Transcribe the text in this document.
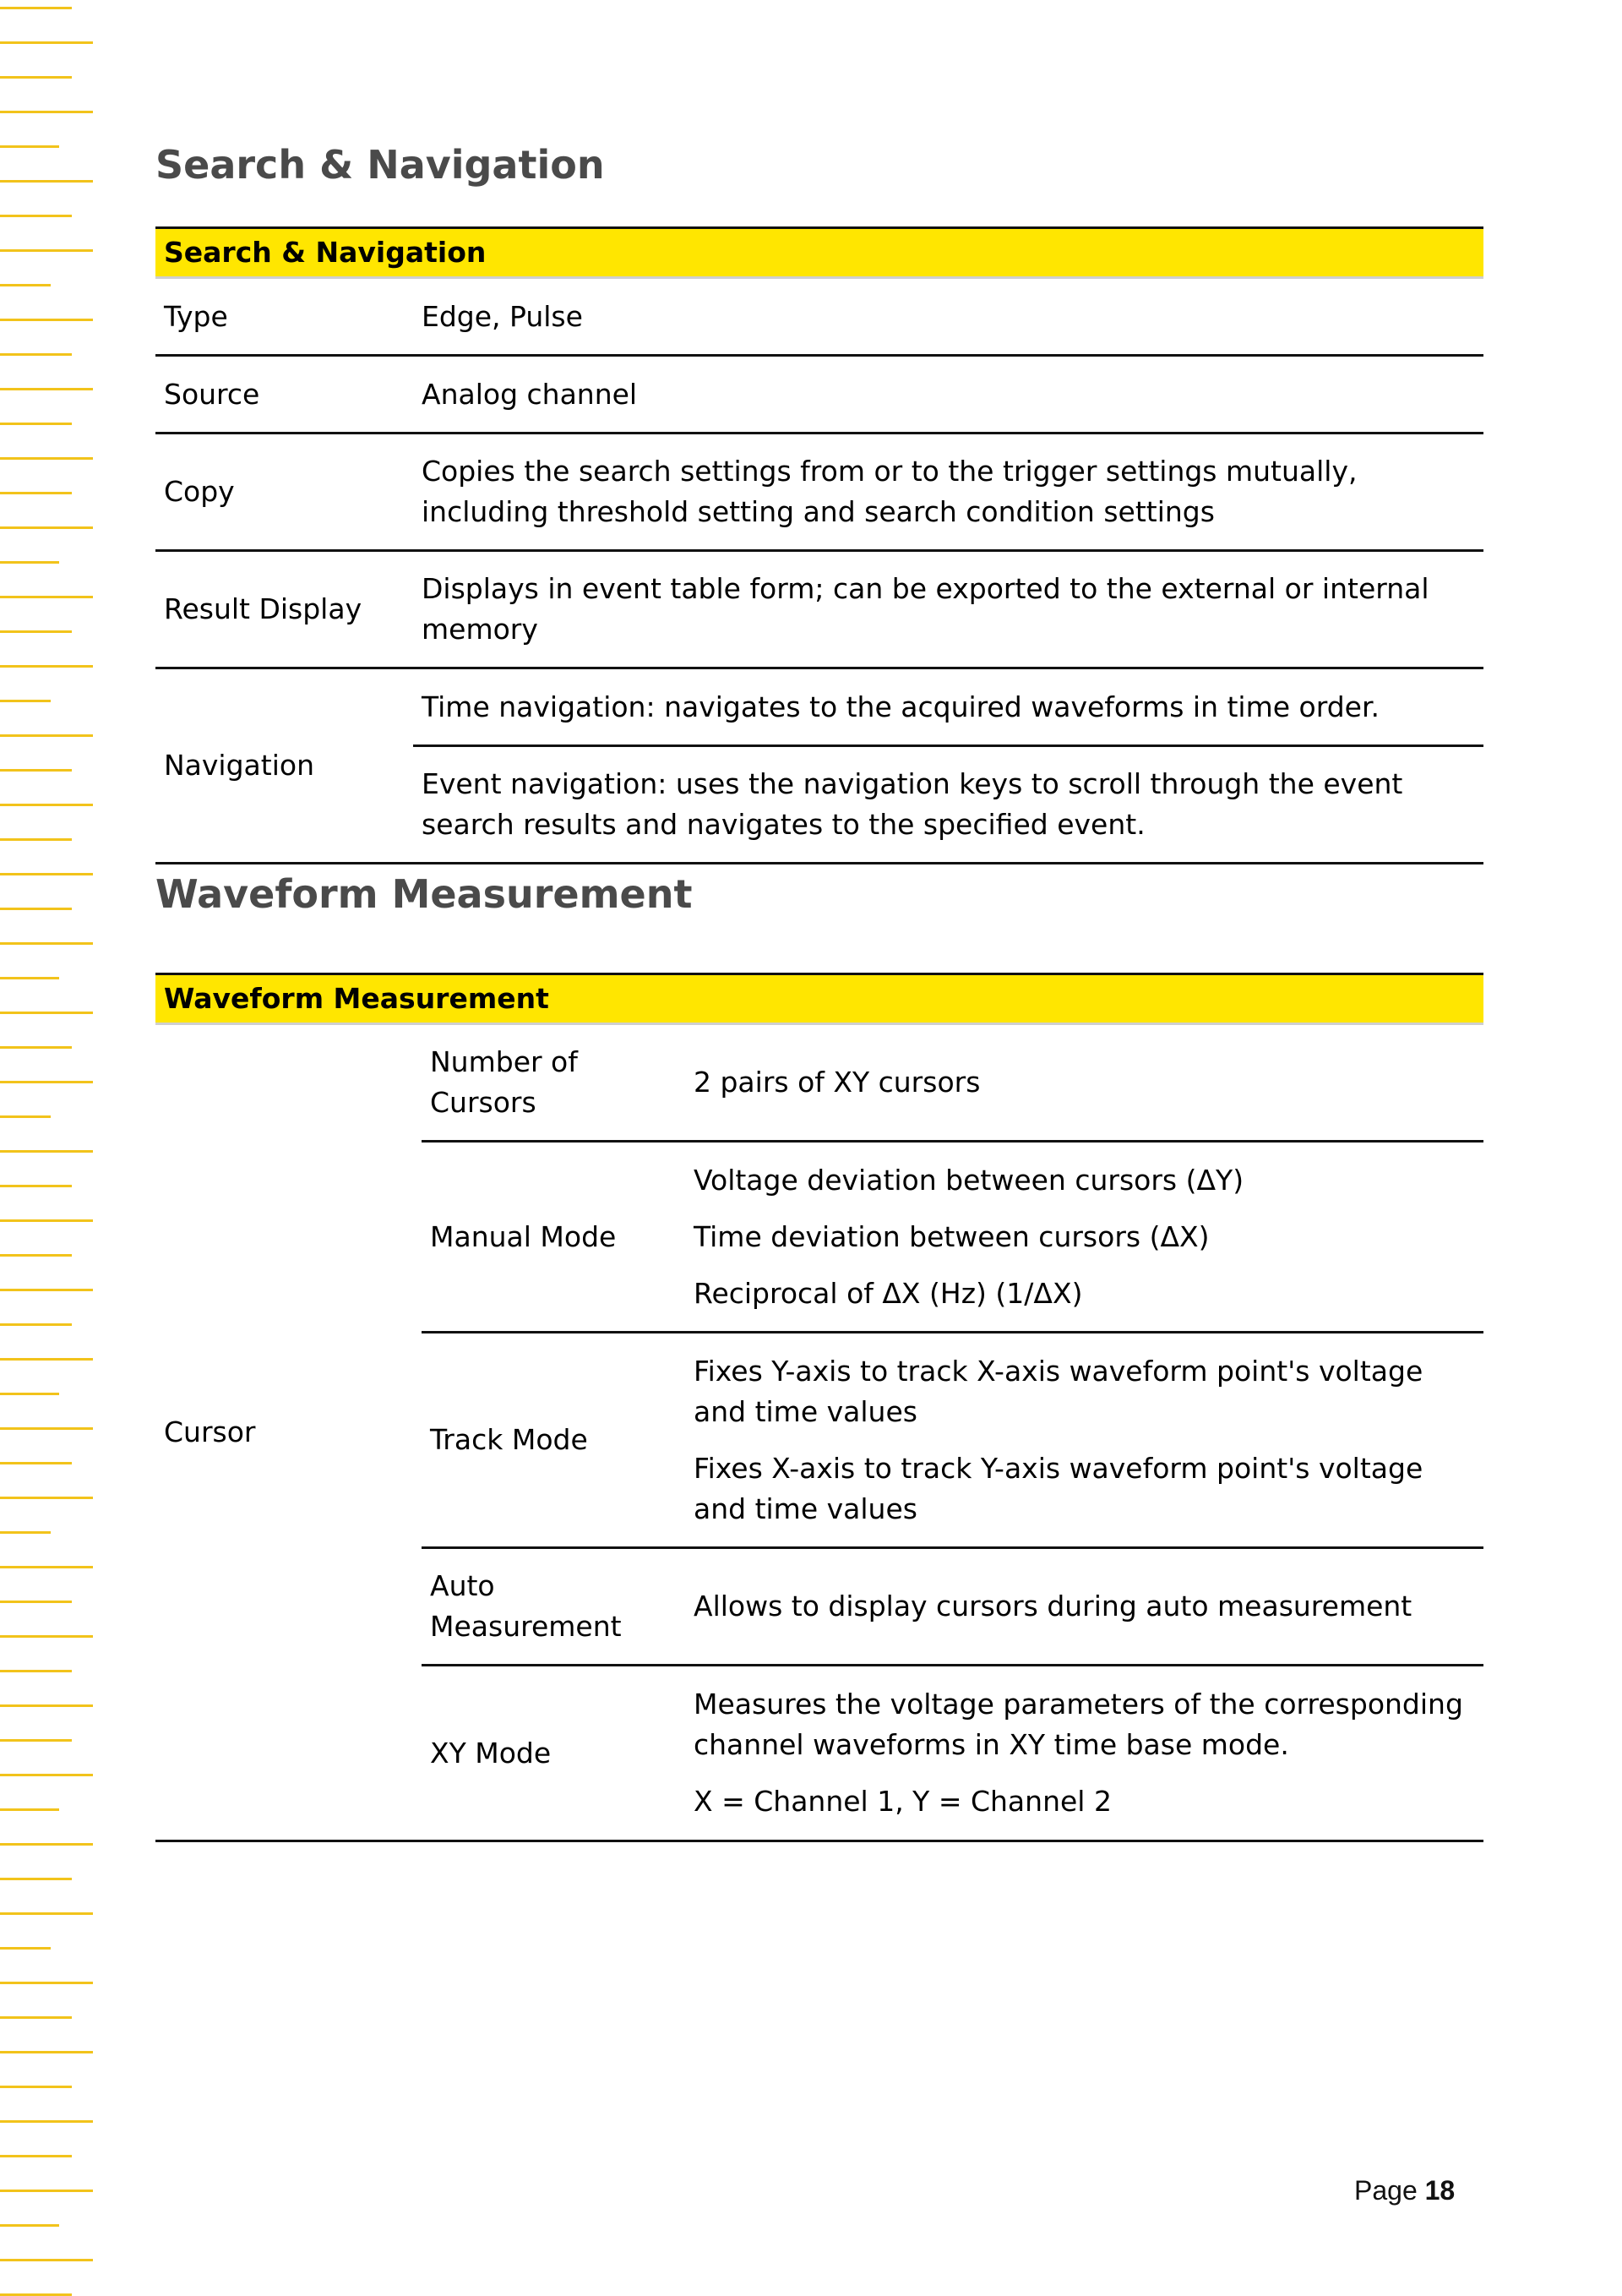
Search & Navigation
Search & Navigation	
Type	Edge, Pulse
Source	Analog channel
Copy	Copies the search settings from or to the trigger settings mutually, including threshold setting and search condition settings
Result Display	Displays in event table form; can be exported to the external or internal memory
Navigation	Time navigation: navigates to the acquired waveforms in time order.
	Event navigation: uses the navigation keys to scroll through the event search results and navigates to the specified event.
Waveform Measurement
Waveform Measurement		
Cursor	Number of Cursors	2 pairs of XY cursors
	Manual Mode	Voltage deviation between cursors (ΔY)
Time deviation between cursors (ΔX)
Reciprocal of ΔX (Hz) (1/ΔX)

	Track Mode	Fixes Y-axis to track X-axis waveform point's voltage and time values
Fixes X-axis to track Y-axis waveform point's voltage and time values

	Auto Measurement	Allows to display cursors during auto measurement
	XY Mode	Measures the voltage parameters of the corresponding channel waveforms in XY time base mode.
X = Channel 1, Y = Channel 2
Page 18
